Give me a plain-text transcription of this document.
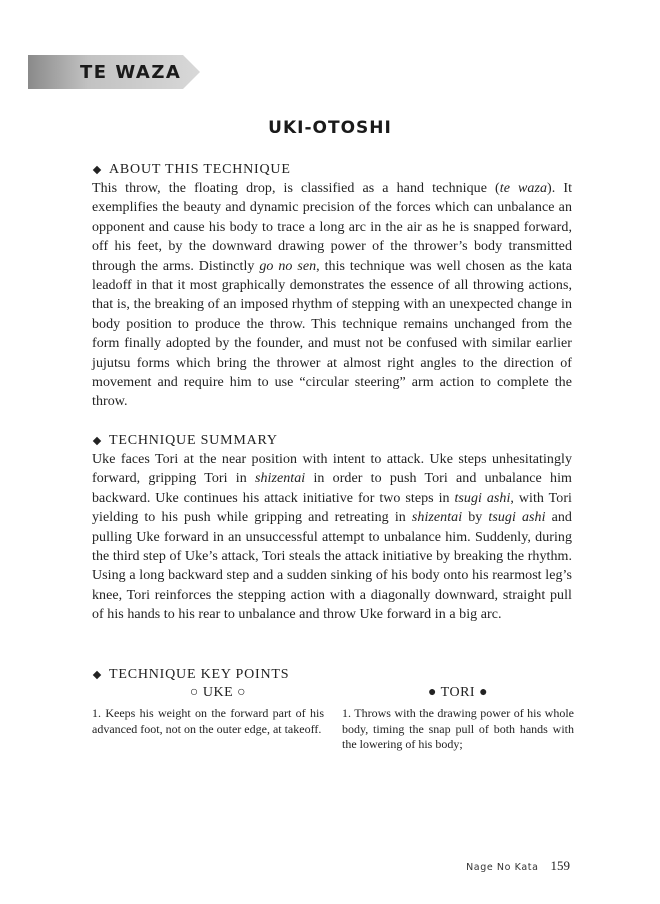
TE WAZA
UKI-OTOSHI
ABOUT THIS TECHNIQUE

This throw, the floating drop, is classified as a hand technique (te waza). It exemplifies the beauty and dynamic precision of the forces which can unbalance an opponent and cause his body to trace a long arc in the air as he is snapped forward, off his feet, by the downward drawing power of the thrower’s body transmitted through the arms. Distinctly go no sen, this technique was well chosen as the kata leadoff in that it most graphically demonstrates the essence of all throwing actions, that is, the breaking of an imposed rhythm of stepping with an unexpected change in body position to produce the throw. This technique remains unchanged from the form finally adopted by the founder, and must not be confused with similar earlier jujutsu forms which bring the thrower at almost right angles to the direction of movement and require him to use “circular steering” arm action to complete the throw.

TECHNIQUE SUMMARY

Uke faces Tori at the near position with intent to attack. Uke steps unhesitatingly forward, gripping Tori in shizentai in order to push Tori and unbalance him backward. Uke continues his attack initiative for two steps in tsugi ashi, with Tori yielding to his push while gripping and retreating in shizentai by tsugi ashi and pulling Uke forward in an unsuccessful attempt to unbalance him. Suddenly, during the third step of Uke’s attack, Tori steals the attack initiative by breaking the rhythm. Using a long backward step and a sudden sinking of his body onto his rearmost leg’s knee, Tori reinforces the stepping action with a diagonally downward, straight pull of his hands to his rear to unbalance and throw Uke forward in a big arc.

TECHNIQUE KEY POINTS
○ UKE ○

1. Keeps his weight on the forward part of his advanced foot, not on the outer edge, at takeoff.

● TORI ●

1. Throws with the drawing power of his whole body, timing the snap pull of both hands with the lowering of his body;

Nage No Kata 159
